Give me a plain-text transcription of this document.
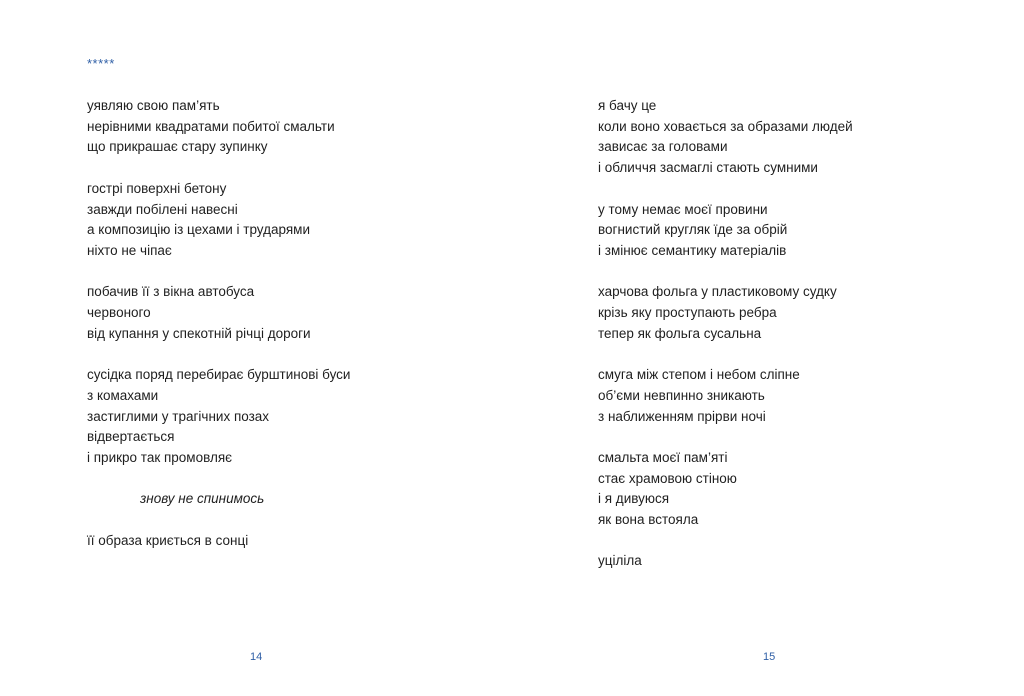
*****
уявляю свою пам’ять
нерівними квадратами побитої смальти
що прикрашає стару зупинку
гострі поверхні бетону
завжди побілені навесні
а композицію із цехами і трударями
ніхто не чіпає
побачив її з вікна автобуса
червоного
від купання у спекотній річці дороги
сусідка поряд перебирає бурштинові буси
з комахами
застиглими у трагічних позах
відвертається
і прикро так промовляє
знову не спинимось
її образа криється в сонці
14
я бачу це
коли воно ховається за образами людей
зависає за головами
і обличчя засмаглі стають сумними
у тому немає моєї провини
вогнистий кругляк їде за обрій
і змінює семантику матеріалів
харчова фольга у пластиковому судку
крізь яку проступають ребра
тепер як фольга сусальна
смуга між степом і небом сліпне
об’єми невпинно зникають
з наближенням прірви ночі
смальта моєї пам’яті
стає храмовою стіною
і я дивуюся
як вона встояла
уціліла
15
